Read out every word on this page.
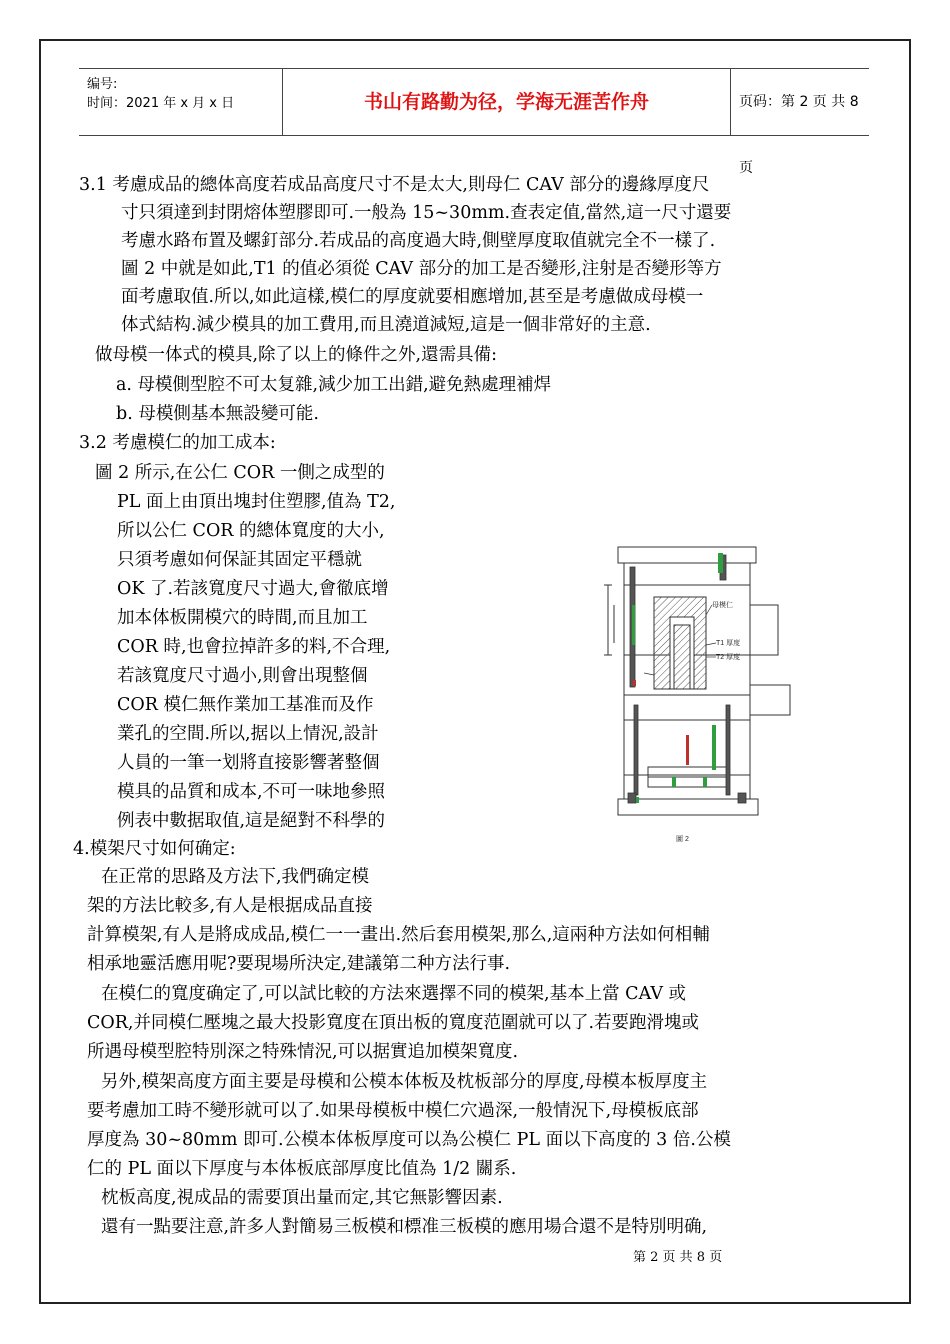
编号:
时间：2021 年 x 月 x 日	书山有路勤为径，学海无涯苦作舟	页码：第 2 页 共 8 页
3.1 考慮成品的總体高度若成品高度尺寸不是太大,則母仁 CAV 部分的邊緣厚度尺
寸只須達到封閉熔体塑膠即可.一般為 15~30mm.查表定值,當然,這一尺寸還要
考慮水路布置及螺釘部分.若成品的高度過大時,側壁厚度取值就完全不一樣了.
圖 2 中就是如此,T1 的值必須從 CAV 部分的加工是否變形,注射是否變形等方
面考慮取值.所以,如此這樣,模仁的厚度就要相應增加,甚至是考慮做成母模一
体式結构.減少模具的加工費用,而且澆道減短,這是一個非常好的主意.
做母模一体式的模具,除了以上的條件之外,還需具備:
a. 母模側型腔不可太复雜,減少加工出錯,避免熱處理補焊
b. 母模側基本無設變可能.
3.2 考慮模仁的加工成本:
圖 2 所示,在公仁 COR 一側之成型的
PL 面上由頂出塊封住塑膠,值為 T2,
所以公仁 COR 的總体寬度的大小,
只須考慮如何保証其固定平穩就
OK 了.若該寬度尺寸過大,會徹底增
加本体板開模穴的時間,而且加工
COR 時,也會拉掉許多的料,不合理,
若該寬度尺寸過小,則會出現整個
COR 模仁無作業加工基准而及作
業孔的空間.所以,据以上情況,設計
人員的一筆一划將直接影響著整個
模具的品質和成本,不可一味地參照
例表中數据取值,這是絕對不科學的
4.模架尺寸如何确定:
在正常的思路及方法下,我們确定模
架的方法比較多,有人是根据成品直接
計算模架,有人是將成成品,模仁一一畫出.然后套用模架,那么,這兩种方法如何相輔
相承地靈活應用呢?要現場所決定,建議第二种方法行事.
在模仁的寬度确定了,可以試比較的方法來選擇不同的模架,基本上當 CAV 或
COR,并同模仁壓塊之最大投影寬度在頂出板的寬度范圍就可以了.若要跑滑塊或
所遇母模型腔特別深之特殊情況,可以据實追加模架寬度.
另外,模架高度方面主要是母模和公模本体板及枕板部分的厚度,母模本板厚度主
要考慮加工時不變形就可以了.如果母模板中模仁穴過深,一般情況下,母模板底部
厚度為 30~80mm 即可.公模本体板厚度可以為公模仁 PL 面以下高度的 3 倍.公模
仁的 PL 面以下厚度与本体板底部厚度比值為 1/2 關系.
枕板高度,視成品的需要頂出量而定,其它無影響因素.
還有一點要注意,許多人對簡易三板模和標准三板模的應用場合還不是特別明确,
母模仁
T1 厚度
T2 厚度
圖 2
第 2 页 共 8 页
